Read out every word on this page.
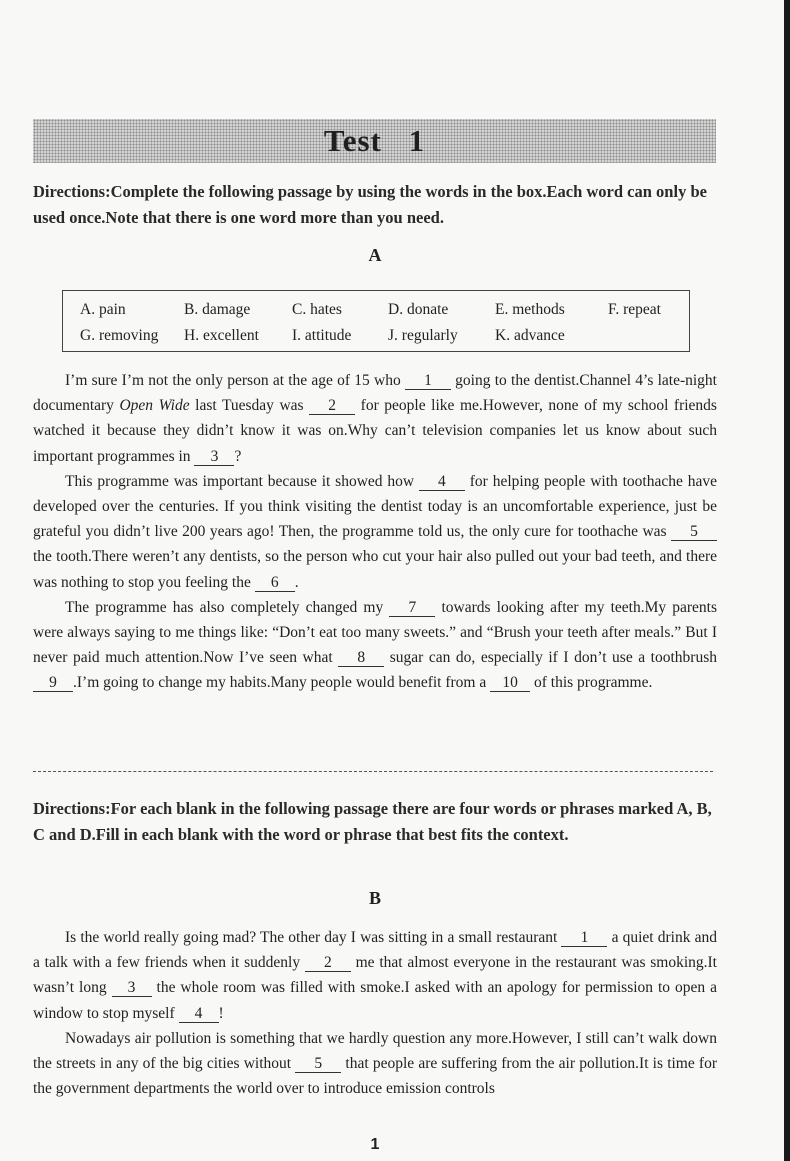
Test 1
Directions:Complete the following passage by using the words in the box.Each word can only be used once.Note that there is one word more than you need.
A
A. pain	B. damage	C. hates	D. donate	E. methods	F. repeat
G. removing H. excellent I. attitude J. regularly K. advance

I’m sure I’m not the only person at the age of 15 who 1 going to the dentist.Channel 4’s late-night documentary Open Wide last Tuesday was 2 for people like me.However, none of my school friends watched it because they didn’t know it was on.Why can’t television companies let us know about such important programmes in 3 ?

This programme was important because it showed how 4 for helping people with toothache have developed over the centuries. If you think visiting the dentist today is an uncomfortable experience, just be grateful you didn’t live 200 years ago! Then, the programme told us, the only cure for toothache was 5 the tooth.There weren’t any dentists, so the person who cut your hair also pulled out your bad teeth, and there was nothing to stop you feeling the 6 .

The programme has also completely changed my 7 towards looking after my teeth.My parents were always saying to me things like: “Don’t eat too many sweets.” and “Brush your teeth after meals.” But I never paid much attention.Now I’ve seen what 8 sugar can do, especially if I don’t use a toothbrush 9 .I’m going to change my habits.Many people would benefit from a 10 of this programme.

Directions:For each blank in the following passage there are four words or phrases marked A, B, C and D.Fill in each blank with the word or phrase that best fits the context.
B

Is the world really going mad? The other day I was sitting in a small restaurant 1 a quiet drink and a talk with a few friends when it suddenly 2 me that almost everyone in the restaurant was smoking.It wasn’t long 3 the whole room was filled with smoke.I asked with an apology for permission to open a window to stop myself 4 !

Nowadays air pollution is something that we hardly question any more.However, I still can’t walk down the streets in any of the big cities without 5 that people are suffering from the air pollution.It is time for the government departments the world over to introduce emission controls

1
